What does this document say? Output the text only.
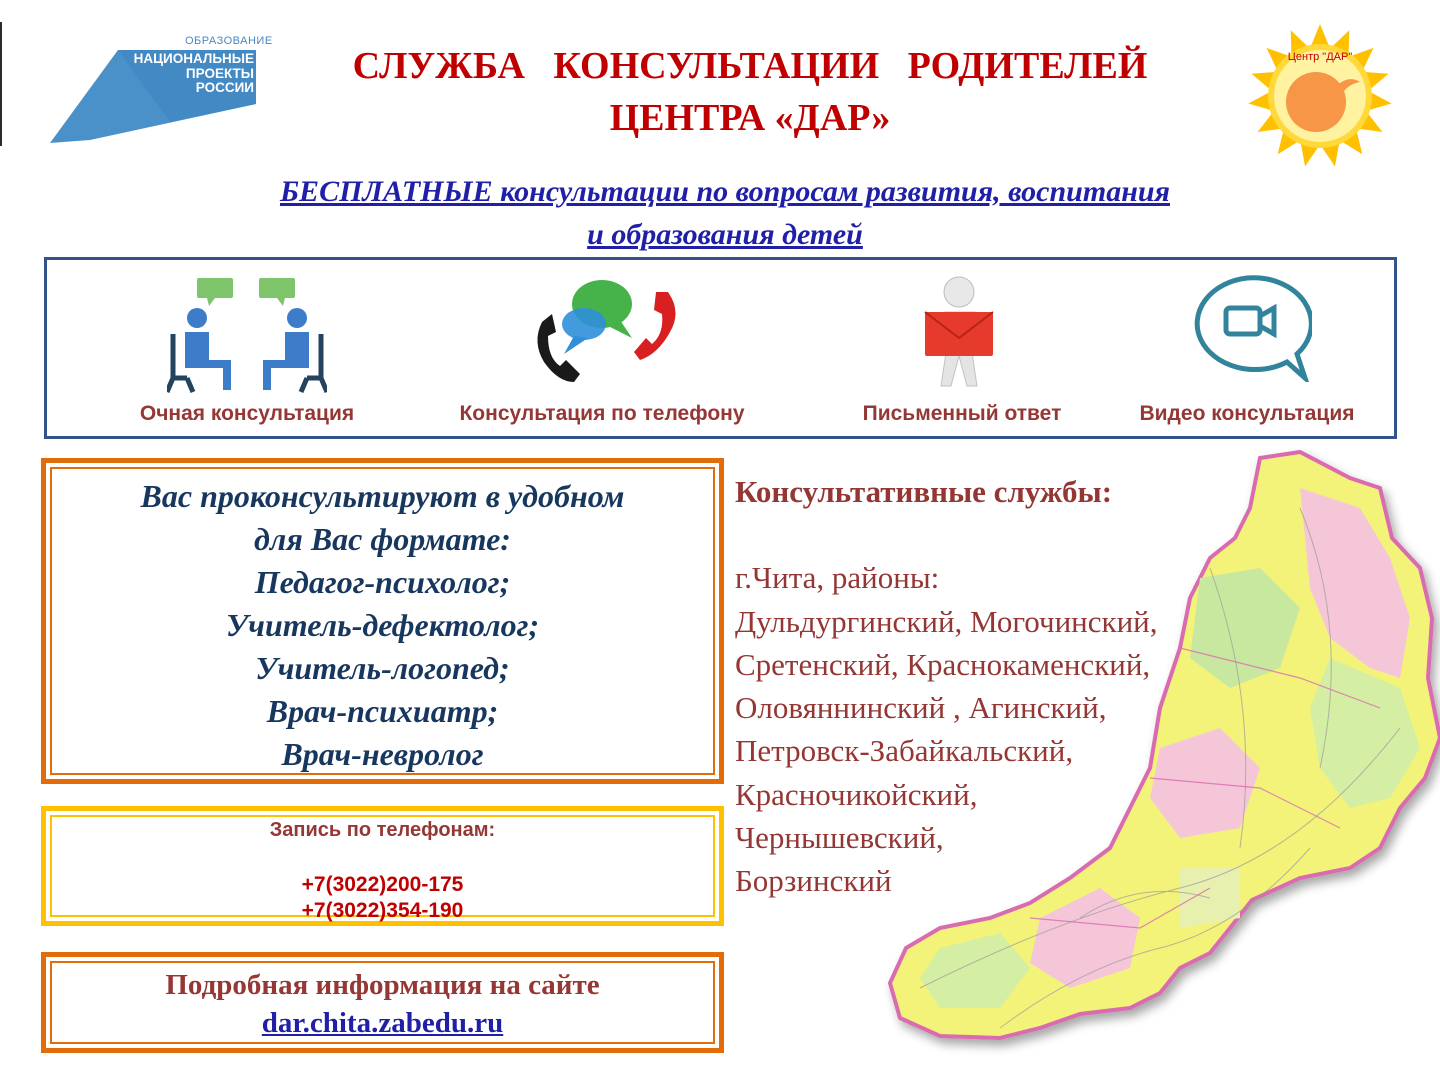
ОБРАЗОВАНИЕ
НАЦИОНАЛЬНЫЕ
ПРОЕКТЫ
РОССИИ
СЛУЖБА   КОНСУЛЬТАЦИИ   РОДИТЕЛЕЙ
ЦЕНТРА «ДАР»
Центр "ДАР"
БЕСПЛАТНЫЕ консультации по вопросам развития, воспитания
и образования детей
Очная консультация	Консультация по телефону	Письменный ответ	Видео консультация
Вас проконсультируют в удобном
для Вас формате:
Педагог-психолог;
Учитель-дефектолог;
Учитель-логопед;
Врач-психиатр;
Врач-невролог
Запись по телефонам:
+7(3022)200-175
+7(3022)354-190
Подробная информация на сайте
dar.chita.zabedu.ru
Консультативные службы:
г.Чита, районы:
Дульдургинский, Могочинский,
Сретенский, Краснокаменский,
Оловяннинский , Агинский,
Петровск-Забайкальский,
Красночикойский,
Чернышевский,
Борзинский
